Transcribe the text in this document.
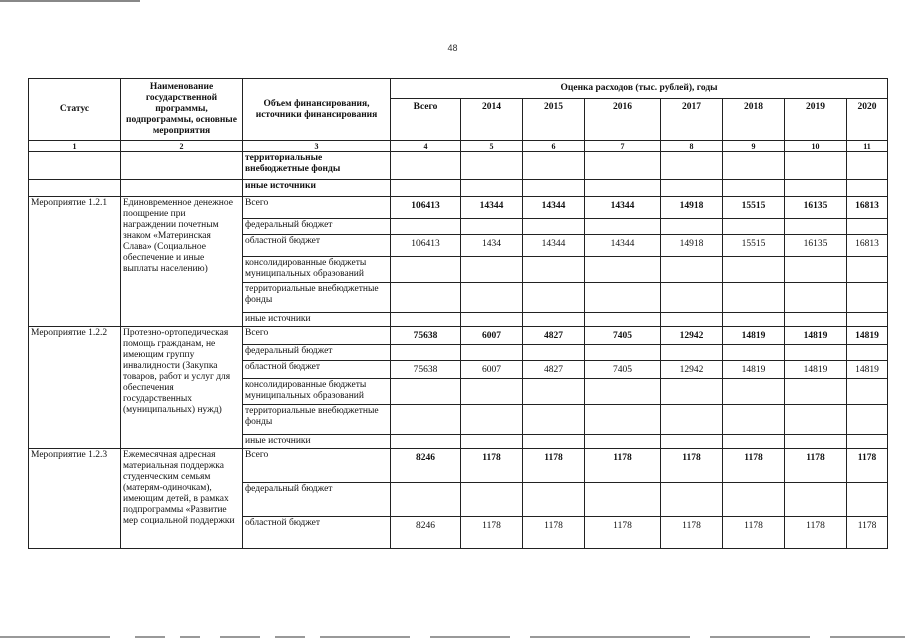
48
Статус	Наименование государственной программы, подпрограммы, основные мероприятия	Объем финансирования, источники финансирования	Оценка расходов (тыс. рублей), годы							
			Всего	2014	2015	2016	2017	2018	2019	2020
1	2	3	4	5	6	7	8	9	10	11
		территориальные внебюджетные фонды								
		иные источники								
Мероприятие 1.2.1	Единовременное денежное поощрение при награждении почетным знаком «Материнская Слава» (Социальное обеспечение и иные выплаты населению)	Всего	106413	14344	14344	14344	14918	15515	16135	16813
		федеральный бюджет								
		областной бюджет	106413	1434	14344	14344	14918	15515	16135	16813
		консолидированные бюджеты муниципальных образований								
		территориальные внебюджетные фонды								
		иные источники								
Мероприятие 1.2.2	Протезно-ортопедическая помощь гражданам, не имеющим группу инвалидности (Закупка товаров, работ и услуг для обеспечения государственных (муниципальных) нужд)	Всего	75638	6007	4827	7405	12942	14819	14819	14819
		федеральный бюджет								
		областной бюджет	75638	6007	4827	7405	12942	14819	14819	14819
		консолидированные бюджеты муниципальных образований								
		территориальные внебюджетные фонды								
		иные источники								
Мероприятие 1.2.3	Ежемесячная адресная материальная поддержка студенческим семьям (матерям-одиночкам), имеющим детей, в рамках подпрограммы «Развитие мер социальной поддержки	Всего	8246	1178	1178	1178	1178	1178	1178	1178
		федеральный бюджет								
		областной бюджет	8246	1178	1178	1178	1178	1178	1178	1178
